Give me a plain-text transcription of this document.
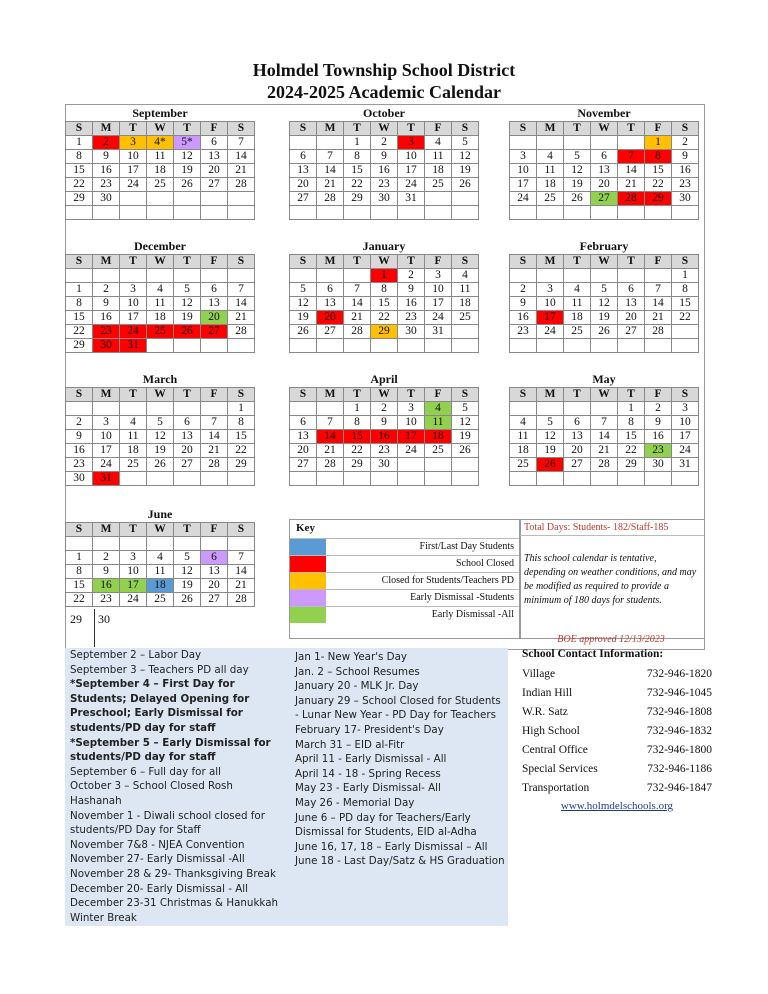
Holmdel Township School District
2024-2025 Academic Calendar
September
S	M	T	W	T	F	S
1	2	3	4*	5*	6	7
8	9	10	11	12	13	14
15	16	17	18	19	20	21
22	23	24	25	26	27	28
29	30					

October
S	M	T	W	T	F	S
		1	2	3	4	5
6	7	8	9	10	11	12
13	14	15	16	17	18	19
20	21	22	23	24	25	26
27	28	29	30	31		

November
S	M	T	W	T	F	S
					1	2
3	4	5	6	7	8	9
10	11	12	13	14	15	16
17	18	19	20	21	22	23
24	25	26	27	28	29	30

December
S	M	T	W	T	F	S

1	2	3	4	5	6	7
8	9	10	11	12	13	14
15	16	17	18	19	20	21
22	23	24	25	26	27	28
29	30	31				
January
S	M	T	W	T	F	S
			1	2	3	4
5	6	7	8	9	10	11
12	13	14	15	16	17	18
19	20	21	22	23	24	25
26	27	28	29	30	31	

February
S	M	T	W	T	F	S
						1
2	3	4	5	6	7	8
9	10	11	12	13	14	15
16	17	18	19	20	21	22
23	24	25	26	27	28	

March
S	M	T	W	T	F	S
						1
2	3	4	5	6	7	8
9	10	11	12	13	14	15
16	17	18	19	20	21	22
23	24	25	26	27	28	29
30	31					
April
S	M	T	W	T	F	S
		1	2	3	4	5
6	7	8	9	10	11	12
13	14	15	16	17	18	19
20	21	22	23	24	25	26
27	28	29	30			

May
S	M	T	W	T	F	S
				1	2	3
4	5	6	7	8	9	10
11	12	13	14	15	16	17
18	19	20	21	22	23	24
25	26	27	28	29	30	31

June
S	M	T	W	T	F	S

1	2	3	4	5	6	7
8	9	10	11	12	13	14
15	16	17	18	19	20	21
22	23	24	25	26	27	28
29 30
Key
First/Last Day Students
School Closed
Closed for Students/Teachers PD
Early Dismissal -Students
Early Dismissal -All
Total Days: Students- 182/Staff-185
This school calendar is tentative, depending on weather conditions, and may be modified as required to provide a minimum of 180 days for students.
BOE approved 12/13/2023
September 2 – Labor Day
September 3 – Teachers PD all day
*September 4 – First Day for Students; Delayed Opening for Preschool; Early Dismissal for students/PD day for staff
*September 5 – Early Dismissal for students/PD day for staff
September 6 – Full day for all
October 3 – School Closed Rosh Hashanah
November 1 - Diwali school closed for students/PD Day for Staff
November 7&8 - NJEA Convention
November 27- Early Dismissal -All
November 28 & 29- Thanksgiving Break
December 20- Early Dismissal - All
December 23-31 Christmas & Hanukkah Winter Break
Jan 1- New Year's Day
Jan. 2 – School Resumes
January 20 - MLK Jr. Day
January 29 – School Closed for Students - Lunar New Year - PD Day for Teachers
February 17- President's Day
March 31 – EID al-Fitr
April 11 - Early Dismissal - All
April 14 - 18 - Spring Recess
May 23 - Early Dismissal- All
May 26 - Memorial Day
June 6 – PD day for Teachers/Early Dismissal for Students, EID al-Adha
June 16, 17, 18 – Early Dismissal – All
June 18 - Last Day/Satz & HS Graduation
School Contact Information:
Village	732-946-1820
Indian Hill	732-946-1045
W.R. Satz	732-946-1808
High School	732-946-1832
Central Office	732-946-1800
Special Services	732-946-1186
Transportation	732-946-1847
www.holmdelschools.org
